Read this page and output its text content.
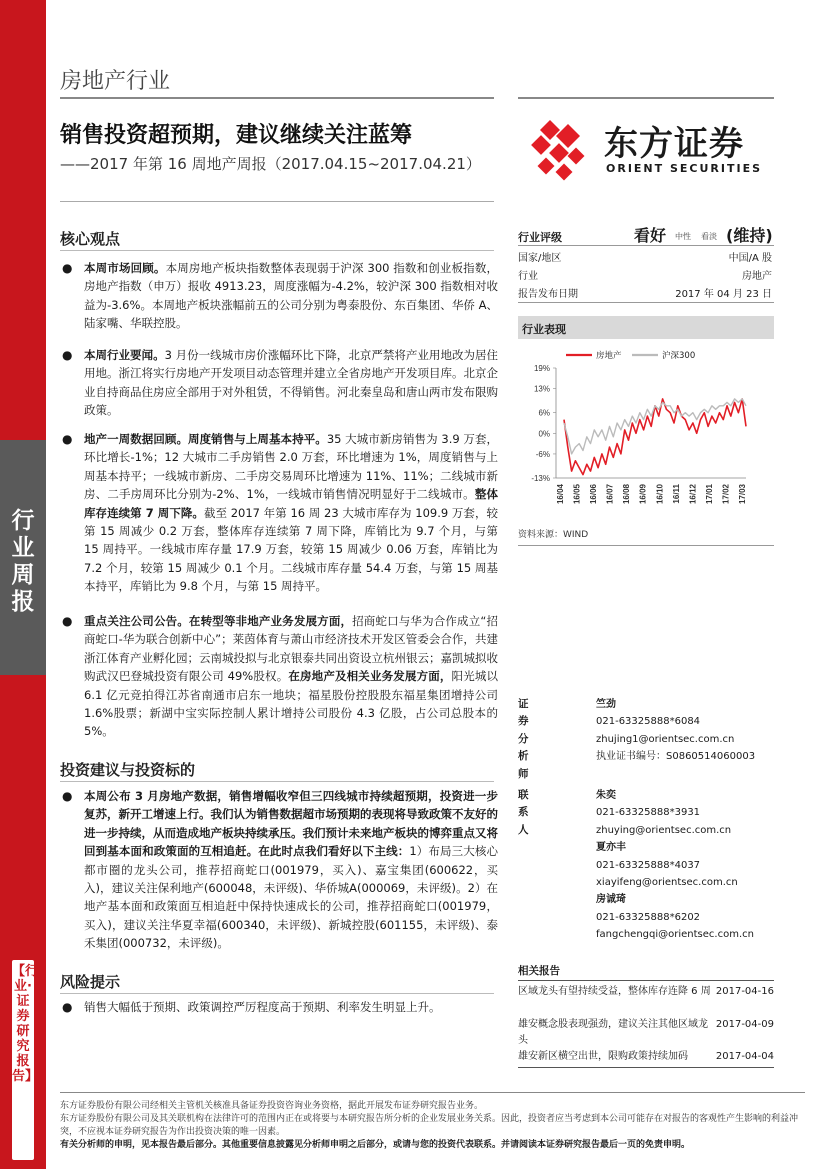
行业周报
【行业·证券研究报告】
房地产行业
销售投资超预期，建议继续关注蓝筹
——2017 年第 16 周地产周报（2017.04.15~2017.04.21）	东方证券
ORIENT SECURITIES
核心观点
● 本周市场回顾。本周房地产板块指数整体表现弱于沪深 300 指数和创业板指数，房地产指数（申万）报收 4913.23，周度涨幅为-4.2%，较沪深 300 指数相对收益为-3.6%。本周地产板块涨幅前五的公司分别为粤泰股份、东百集团、华侨 A、陆家嘴、华联控股。
● 本周行业要闻。3 月份一线城市房价涨幅环比下降，北京严禁将产业用地改为居住用地。浙江将实行房地产开发项目动态管理并建立全省房地产开发项目库。北京企业自持商品住房应全部用于对外租赁，不得销售。河北秦皇岛和唐山两市发布限购政策。
● 地产一周数据回顾。周度销售与上周基本持平。35 大城市新房销售为 3.9 万套，环比增长-1%；12 大城市二手房销售 2.0 万套，环比增速为 1%，周度销售与上周基本持平；一线城市新房、二手房交易周环比增速为 11%、11%；二线城市新房、二手房周环比分别为-2%、1%，一线城市销售情况明显好于二线城市。整体库存连续第 7 周下降。截至 2017 年第 16 周 23 大城市库存为 109.9 万套，较第 15 周减少 0.2 万套，整体库存连续第 7 周下降，库销比为 9.7 个月，与第 15 周持平。一线城市库存量 17.9 万套，较第 15 周减少 0.06 万套，库销比为 7.2 个月，较第 15 周减少 0.1 个月。二线城市库存量 54.4 万套，与第 15 周基本持平，库销比为 9.8 个月，与第 15 周持平。
● 重点关注公司公告。在转型等非地产业务发展方面，招商蛇口与华为合作成立“招商蛇口-华为联合创新中心”；莱茵体育与萧山市经济技术开发区管委会合作，共建浙江体育产业孵化园；云南城投拟与北京银泰共同出资设立杭州银云；嘉凯城拟收购武汉巴登城投资有限公司 49%股权。在房地产及相关业务发展方面，阳光城以 6.1 亿元竞拍得江苏省南通市启东一地块；福星股份控股股东福星集团增持公司 1.6%股票；新湖中宝实际控制人累计增持公司股份 4.3 亿股，占公司总股本的 5%。
投资建议与投资标的
● 本周公布 3 月房地产数据，销售增幅收窄但三四线城市持续超预期，投资进一步复苏，新开工增速上行。我们认为销售数据超市场预期的表现将导致政策不友好的进一步持续，从而造成地产板块持续承压。我们预计未来地产板块的博弈重点又将回到基本面和政策面的互相追赶。在此时点我们看好以下主线：1）布局三大核心都市圈的龙头公司，推荐招商蛇口(001979，买入)、嘉宝集团(600622，买入)，建议关注保利地产(600048，未评级)、华侨城A(000069，未评级)。2）在地产基本面和政策面互相追赶中保持快速成长的公司，推荐招商蛇口(001979，买入)，建议关注华夏幸福(600340，未评级)、新城控股(601155，未评级)、泰禾集团(000732，未评级)。
风险提示
● 销售大幅低于预期、政策调控严厉程度高于预期、利率发生明显上升。
行业评级	看好 中性 看淡 (维持)
国家/地区	中国/A 股
行业	房地产
报告发布日期	2017 年 04 月 23 日
行业表现
19%
13%
6%
0%
-6%
-13%
16/04 16/05 16/06 16/07 16/08 16/09 16/10 16/11 16/12 17/01 17/02 17/03
房地产	沪深300
资料来源：WIND
证券分析师
竺劲
021-63325888*6084
zhujing1@orientsec.com.cn
执业证书编号：S0860514060003
联系人
朱奕
021-63325888*3931
zhuying@orientsec.com.cn
夏亦丰
021-63325888*4037
xiayifeng@orientsec.com.cn
房诚琦
021-63325888*6202
fangchengqi@orientsec.com.cn
相关报告
区域龙头有望持续受益，整体库存连降 6 周 2017-04-16
雄安概念股表现强劲，建议关注其他区域龙头
2017-04-09
雄安新区横空出世，限购政策持续加码	2017-04-04
东方证券股份有限公司经相关主管机关核准具备证券投资咨询业务资格，据此开展发布证券研究报告业务。
东方证券股份有限公司及其关联机构在法律许可的范围内正在或将要与本研究报告所分析的企业发展业务关系。因此，投资者应当考虑到本公司可能存在对报告的客观性产生影响的利益冲突，不应视本证券研究报告为作出投资决策的唯一因素。
有关分析师的申明，见本报告最后部分。其他重要信息披露见分析师申明之后部分，或请与您的投资代表联系。并请阅读本证券研究报告最后一页的免责申明。
